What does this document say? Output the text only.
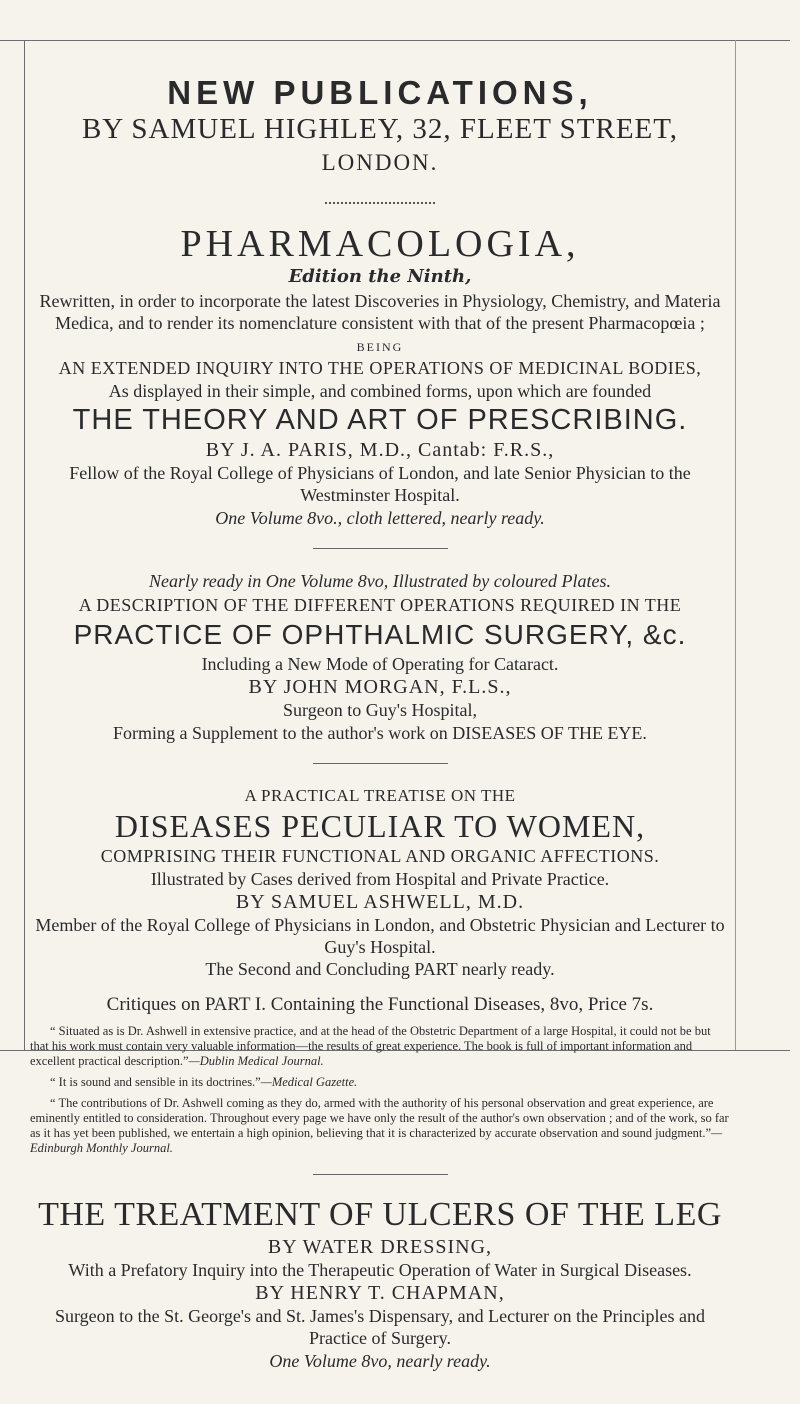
NEW PUBLICATIONS,
BY SAMUEL HIGHLEY, 32, FLEET STREET,
LONDON.
PHARMACOLOGIA,
Edition the Ninth,
Rewritten, in order to incorporate the latest Discoveries in Physiology, Chemistry, and Materia Medica, and to render its nomenclature consistent with that of the present Pharmacopœia ;
BEING
AN EXTENDED INQUIRY INTO THE OPERATIONS OF MEDICINAL BODIES,
As displayed in their simple, and combined forms, upon which are founded
THE THEORY AND ART OF PRESCRIBING.
BY J. A. PARIS, M.D., Cantab: F.R.S.,
Fellow of the Royal College of Physicians of London, and late Senior Physician to the Westminster Hospital.
One Volume 8vo., cloth lettered, nearly ready.
Nearly ready in One Volume 8vo, Illustrated by coloured Plates.
A DESCRIPTION OF THE DIFFERENT OPERATIONS REQUIRED IN THE
PRACTICE OF OPHTHALMIC SURGERY, &c.
Including a New Mode of Operating for Cataract.
BY JOHN MORGAN, F.L.S.,
Surgeon to Guy's Hospital,
Forming a Supplement to the author's work on DISEASES OF THE EYE.
A PRACTICAL TREATISE ON THE
DISEASES PECULIAR TO WOMEN,
COMPRISING THEIR FUNCTIONAL AND ORGANIC AFFECTIONS.
Illustrated by Cases derived from Hospital and Private Practice.
BY SAMUEL ASHWELL, M.D.
Member of the Royal College of Physicians in London, and Obstetric Physician and Lecturer to Guy's Hospital.
The Second and Concluding PART nearly ready.
Critiques on PART I. Containing the Functional Diseases, 8vo, Price 7s.

“ Situated as is Dr. Ashwell in extensive practice, and at the head of the Obstetric Department of a large Hospital, it could not be but that his work must contain very valuable information—the results of great experience. The book is full of important information and excellent practical description.”—Dublin Medical Journal.

“ It is sound and sensible in its doctrines.”—Medical Gazette.

“ The contributions of Dr. Ashwell coming as they do, armed with the authority of his personal observation and great experience, are eminently entitled to consideration. Throughout every page we have only the result of the author's own observation ; and of the work, so far as it has yet been published, we entertain a high opinion, believing that it is characterized by accurate observation and sound judgment.”—Edinburgh Monthly Journal.

THE TREATMENT OF ULCERS OF THE LEG
BY WATER DRESSING,
With a Prefatory Inquiry into the Therapeutic Operation of Water in Surgical Diseases.
BY HENRY T. CHAPMAN,
Surgeon to the St. George's and St. James's Dispensary, and Lecturer on the Principles and Practice of Surgery.
One Volume 8vo, nearly ready.
